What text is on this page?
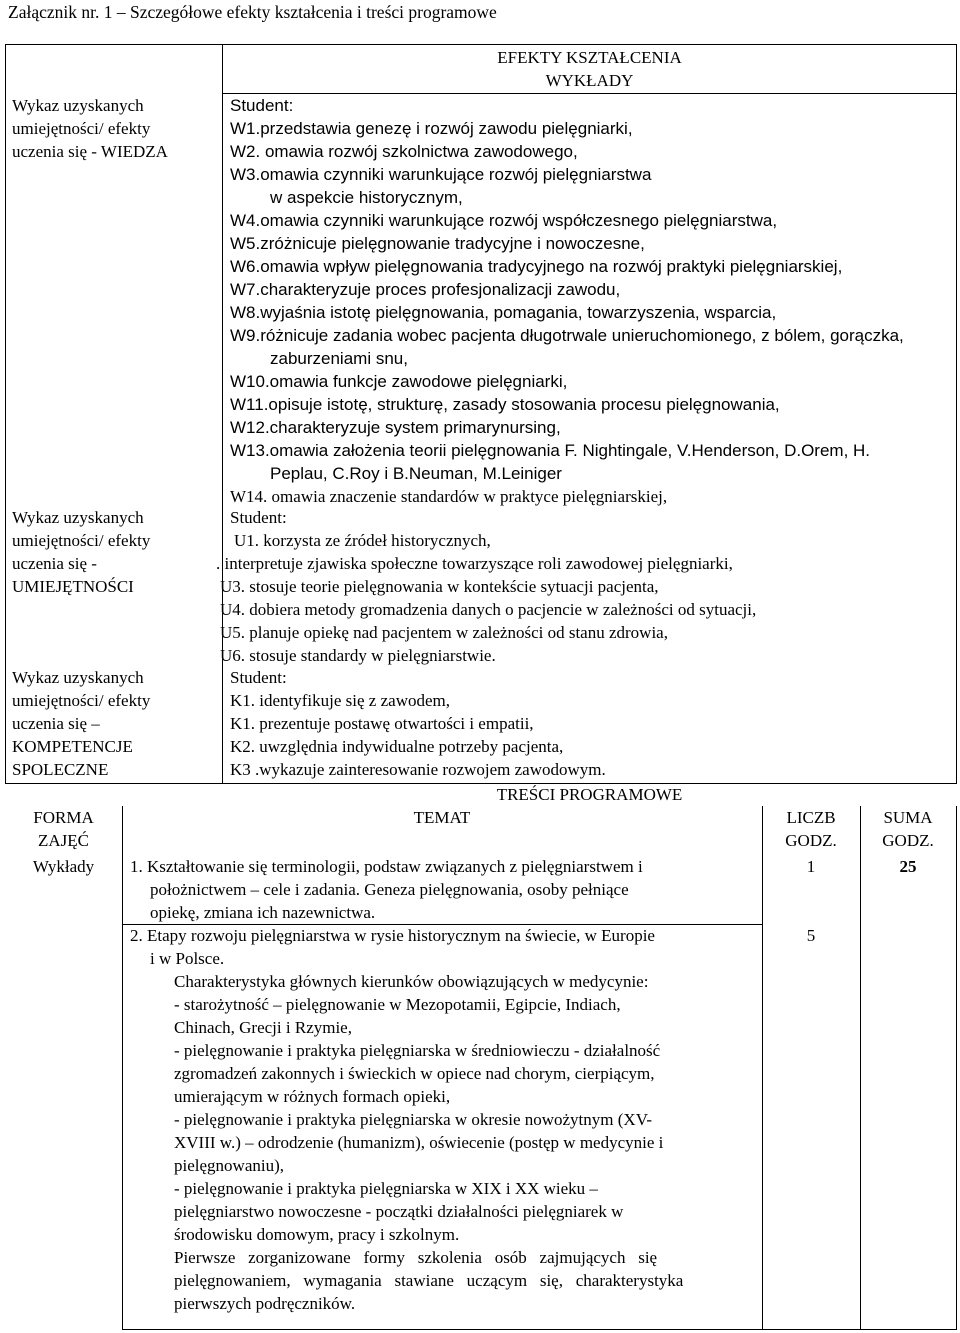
Załącznik nr. 1 – Szczegółowe efekty kształcenia i treści programowe
EFEKTY KSZTAŁCENIA
WYKŁADY
Wykaz uzyskanych
umiejętności/ efekty
uczenia się - WIEDZA
Student:
W1.przedstawia genezę i rozwój zawodu pielęgniarki,
W2. omawia rozwój szkolnictwa zawodowego,
W3.omawia czynniki warunkujące rozwój pielęgniarstwa
w aspekcie historycznym,
W4.omawia czynniki warunkujące rozwój współczesnego pielęgniarstwa,
W5.zróżnicuje pielęgnowanie tradycyjne i nowoczesne,
W6.omawia wpływ pielęgnowania tradycyjnego na rozwój praktyki pielęgniarskiej,
W7.charakteryzuje proces profesjonalizacji zawodu,
W8.wyjaśnia istotę pielęgnowania, pomagania, towarzyszenia, wsparcia,
W9.różnicuje zadania wobec pacjenta długotrwale unieruchomionego, z bólem, gorączka,
zaburzeniami snu,
W10.omawia funkcje zawodowe pielęgniarki,
W11.opisuje istotę, strukturę, zasady stosowania procesu pielęgnowania,
W12.charakteryzuje system primarynursing,
W13.omawia założenia teorii pielęgnowania F. Nightingale, V.Henderson, D.Orem, H.
Peplau, C.Roy i B.Neuman, M.Leiniger
W14. omawia znaczenie standardów w praktyce pielęgniarskiej,
Wykaz uzyskanych
umiejętności/ efekty
uczenia się -
UMIEJĘTNOŚCI
Student:
U1. korzysta ze źródeł historycznych,
. interpretuje zjawiska społeczne towarzyszące roli zawodowej pielęgniarki,
U3. stosuje teorie pielęgnowania w kontekście sytuacji pacjenta,
U4. dobiera metody gromadzenia danych o pacjencie w zależności od sytuacji,
U5. planuje opiekę nad pacjentem w zależności od stanu zdrowia,
U6. stosuje standardy w pielęgniarstwie.
Wykaz uzyskanych
umiejętności/ efekty
uczenia się –
KOMPETENCJE
SPOLECZNE
Student:
K1. identyfikuje się z zawodem,
K1. prezentuje postawę otwartości i empatii,
K2. uwzględnia indywidualne potrzeby pacjenta,
K3 .wykazuje zainteresowanie rozwojem zawodowym.
TREŚCI PROGRAMOWE
FORMA
ZAJĘĆ
TEMAT	LICZB
GODZ.
SUMA
GODZ.
Wykłady	25
1. Kształtowanie się terminologii, podstaw związanych z pielęgniarstwem i
położnictwem – cele i zadania. Geneza pielęgnowania, osoby pełniące
opiekę, zmiana ich nazewnictwa.
1
2. Etapy rozwoju pielęgniarstwa w rysie historycznym na świecie, w Europie
i w Polsce.
Charakterystyka głównych kierunków obowiązujących w medycynie:
- starożytność – pielęgnowanie w Mezopotamii, Egipcie, Indiach,
Chinach, Grecji i Rzymie,
- pielęgnowanie i praktyka pielęgniarska w średniowieczu - działalność
zgromadzeń zakonnych i świeckich w opiece nad chorym, cierpiącym,
umierającym w różnych formach opieki,
- pielęgnowanie i praktyka pielęgniarska w okresie nowożytnym (XV-
XVIII w.) – odrodzenie (humanizm), oświecenie (postęp w medycynie i
pielęgnowaniu),
- pielęgnowanie i praktyka pielęgniarska w XIX i XX wieku –
pielęgniarstwo nowoczesne - początki działalności pielęgniarek w
środowisku domowym, pracy i szkolnym.
Pierwsze   zorganizowane   formy   szkolenia   osób   zajmujących   się
pielęgnowaniem,   wymagania   stawiane   uczącym   się,   charakterystyka
pierwszych podręczników.
5
